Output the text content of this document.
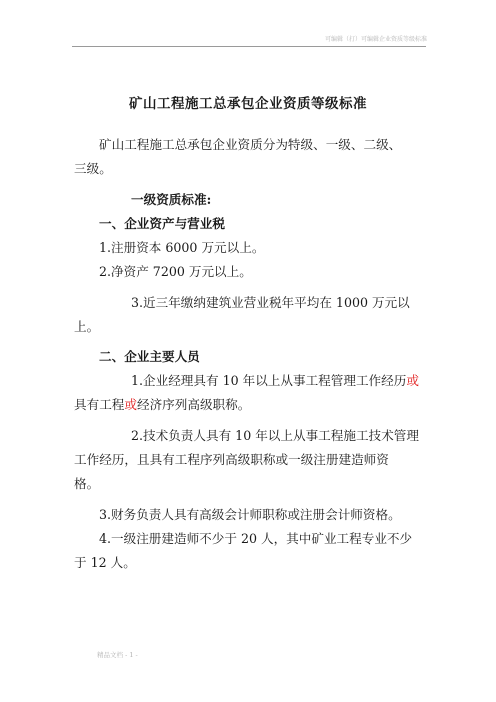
可编辑（打）可编辑企业资质等级标准
矿山工程施工总承包企业资质等级标准
矿山工程施工总承包企业资质分为特级、一级、二级、
三级。
一级资质标准:
一、企业资产与营业税
1.注册资本 6000 万元以上。
2.净资产 7200 万元以上。
3.近三年缴纳建筑业营业税年平均在 1000 万元以
上。
二、企业主要人员
1.企业经理具有 10 年以上从事工程管理工作经历或
具有工程或经济序列高级职称。
2.技术负责人具有 10 年以上从事工程施工技术管理
工作经历，且具有工程序列高级职称或一级注册建造师资
格。
3.财务负责人具有高级会计师职称或注册会计师资格。
4.一级注册建造师不少于 20 人，其中矿业工程专业不少
于 12 人。
精品文档 - 1 -
